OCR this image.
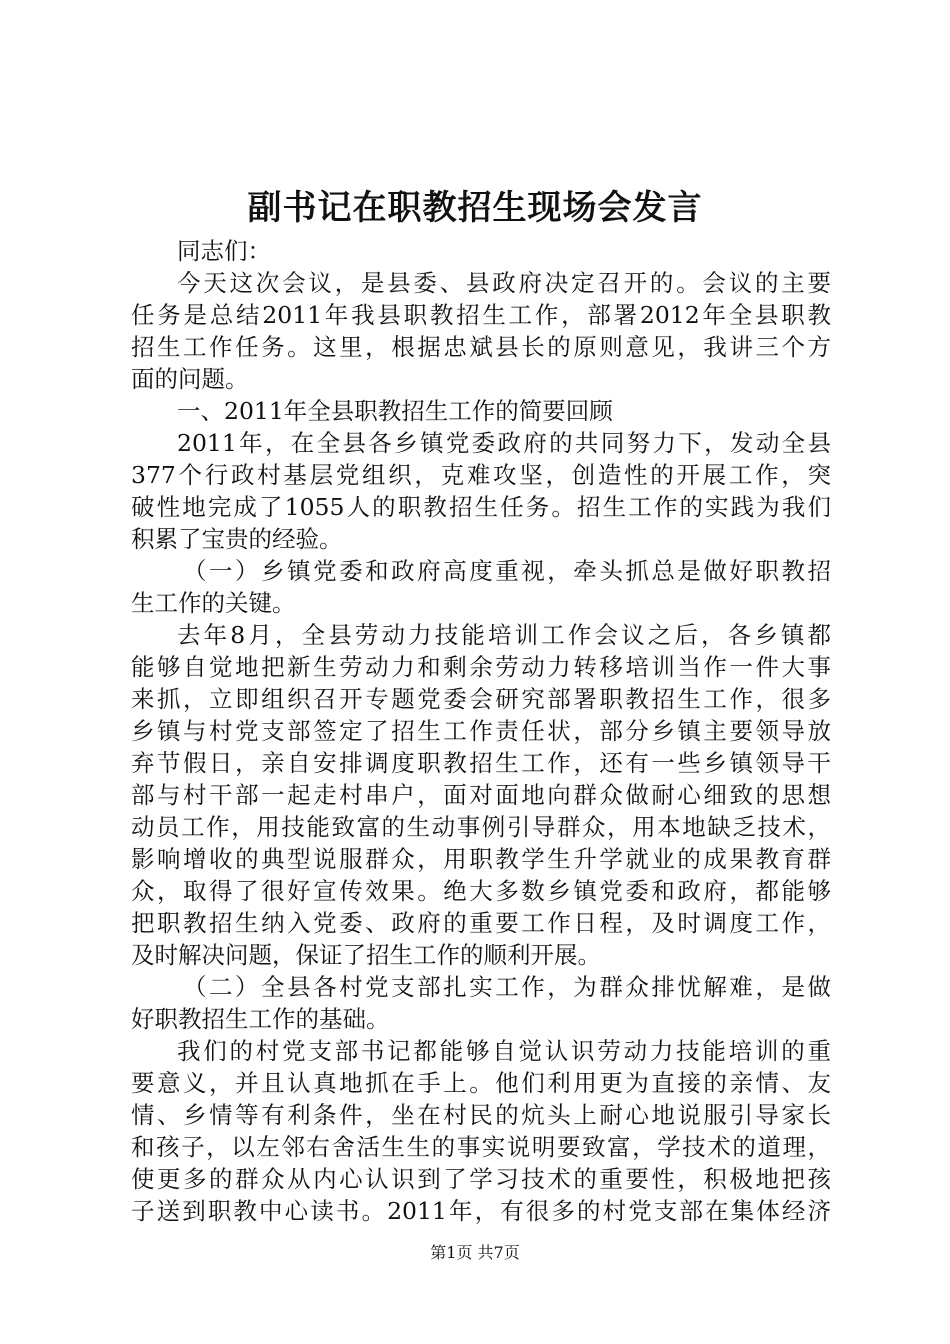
副书记在职教招生现场会发言
同志们：
今天这次会议，是县委、县政府决定召开的。会议的主要
任务是总结2011年我县职教招生工作，部署2012年全县职教
招生工作任务。这里，根据忠斌县长的原则意见，我讲三个方
面的问题。
一、2011年全县职教招生工作的简要回顾
2011年，在全县各乡镇党委政府的共同努力下，发动全县
377个行政村基层党组织，克难攻坚，创造性的开展工作，突
破性地完成了1055人的职教招生任务。招生工作的实践为我们
积累了宝贵的经验。
（一）乡镇党委和政府高度重视，牵头抓总是做好职教招
生工作的关键。
去年8月，全县劳动力技能培训工作会议之后，各乡镇都
能够自觉地把新生劳动力和剩余劳动力转移培训当作一件大事
来抓，立即组织召开专题党委会研究部署职教招生工作，很多
乡镇与村党支部签定了招生工作责任状，部分乡镇主要领导放
弃节假日，亲自安排调度职教招生工作，还有一些乡镇领导干
部与村干部一起走村串户，面对面地向群众做耐心细致的思想
动员工作，用技能致富的生动事例引导群众，用本地缺乏技术，
影响增收的典型说服群众，用职教学生升学就业的成果教育群
众，取得了很好宣传效果。绝大多数乡镇党委和政府，都能够
把职教招生纳入党委、政府的重要工作日程，及时调度工作，
及时解决问题，保证了招生工作的顺利开展。
（二）全县各村党支部扎实工作，为群众排忧解难，是做
好职教招生工作的基础。
我们的村党支部书记都能够自觉认识劳动力技能培训的重
要意义，并且认真地抓在手上。他们利用更为直接的亲情、友
情、乡情等有利条件，坐在村民的炕头上耐心地说服引导家长
和孩子，以左邻右舍活生生的事实说明要致富，学技术的道理，
使更多的群众从内心认识到了学习技术的重要性，积极地把孩
子送到职教中心读书。2011年，有很多的村党支部在集体经济
第1页 共7页
